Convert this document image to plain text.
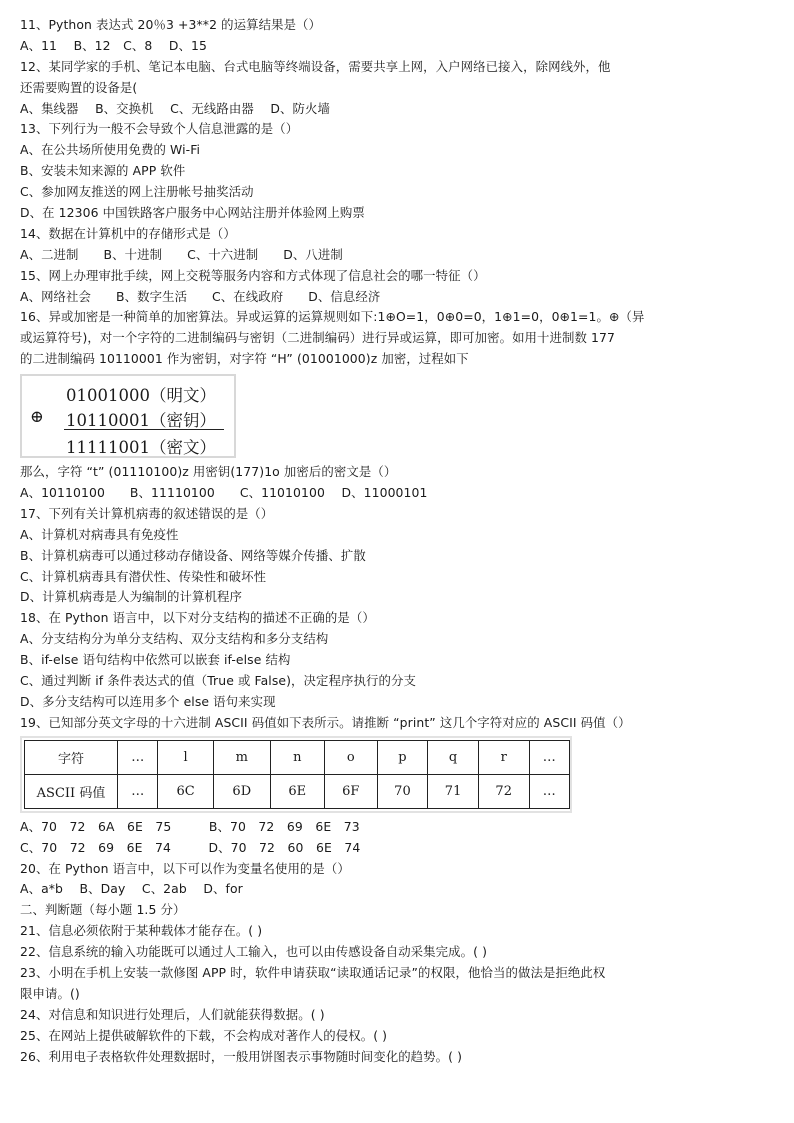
11、Python 表达式 20％3 +3**2 的运算结果是（）
A、11　 B、12　C、8　 D、15
12、某同学家的手机、笔记本电脑、台式电脑等终端设备，需要共享上网，入户网络已接入，除网线外，他
还需要购置的设备是(
A、集线器　 B、交换机　 C、无线路由器　 D、防火墙
13、下列行为一般不会导致个人信息泄露的是（）
A、在公共场所使用免费的 Wi-Fi
B、安装未知来源的 APP 软件
C、参加网友推送的网上注册帐号抽奖活动
D、在 12306 中国铁路客户服务中心网站注册并体验网上购票
14、数据在计算机中的存储形式是（）
A、二进制　　B、十进制　　C、十六进制　　D、八进制
15、网上办理审批手续，网上交税等服务内容和方式体现了信息社会的哪一特征（）
A、网络社会　　B、数字生活　　C、在线政府　　D、信息经济
16、异或加密是一种简单的加密算法。异或运算的运算规则如下:1⊕O=1，0⊕0=0，1⊕1=0，0⊕1=1。⊕（异
或运算符号)，对一个字符的二进制编码与密钥（二进制编码）进行异或运算，即可加密。如用十进制数 177
的二进制编码 10110001 作为密钥，对字符 “H” (01001000)z 加密，过程如下
01001000（明文）
⊕ 10110001（密钥）
11111001（密文）
那么，字符 “t” (01110100)z 用密钥(177)1o 加密后的密文是（）
A、10110100　　B、11110100　　C、11010100　 D、11000101
17、下列有关计算机病毒的叙述错误的是（）
A、计算机对病毒具有免疫性
B、计算机病毒可以通过移动存储设备、网络等媒介传播、扩散
C、计算机病毒具有潜伏性、传染性和破坏性
D、计算机病毒是人为编制的计算机程序
18、在 Python 语言中，以下对分支结构的描述不正确的是（）
A、分支结构分为单分支结构、双分支结构和多分支结构
B、if-else 语句结构中依然可以嵌套 if-else 结构
C、通过判断 if 条件表达式的值（True 或 False)，决定程序执行的分支
D、多分支结构可以连用多个 else 语句来实现
19、已知部分英文字母的十六进制 ASCII 码值如下表所示。请推断 “print” 这几个字符对应的 ASCII 码值（）
字符	…	l	m	n	o	p	q	r	…
ASCII 码值	…	6C	6D	6E	6F	70	71	72	…
A、70　72　6A　6E　75　　　B、70　72　69　6E　73
C、70　72　69　6E　74　　　D、70　72　60　6E　74
20、在 Python 语言中，以下可以作为变量名使用的是（）
A、a*b　 B、Day　 C、2ab　 D、for
二、判断题（每小题 1.5 分）
21、信息必须依附于某种载体才能存在。( )
22、信息系统的输入功能既可以通过人工输入，也可以由传感设备自动采集完成。( )
23、小明在手机上安装一款修图 APP 时，软件申请获取“读取通话记录”的权限，他恰当的做法是拒绝此权
限申请。()
24、对信息和知识进行处理后，人们就能获得数据。( )
25、在网站上提供破解软件的下载，不会构成对著作人的侵权。( )
26、利用电子表格软件处理数据时，一般用饼图表示事物随时间变化的趋势。( )
